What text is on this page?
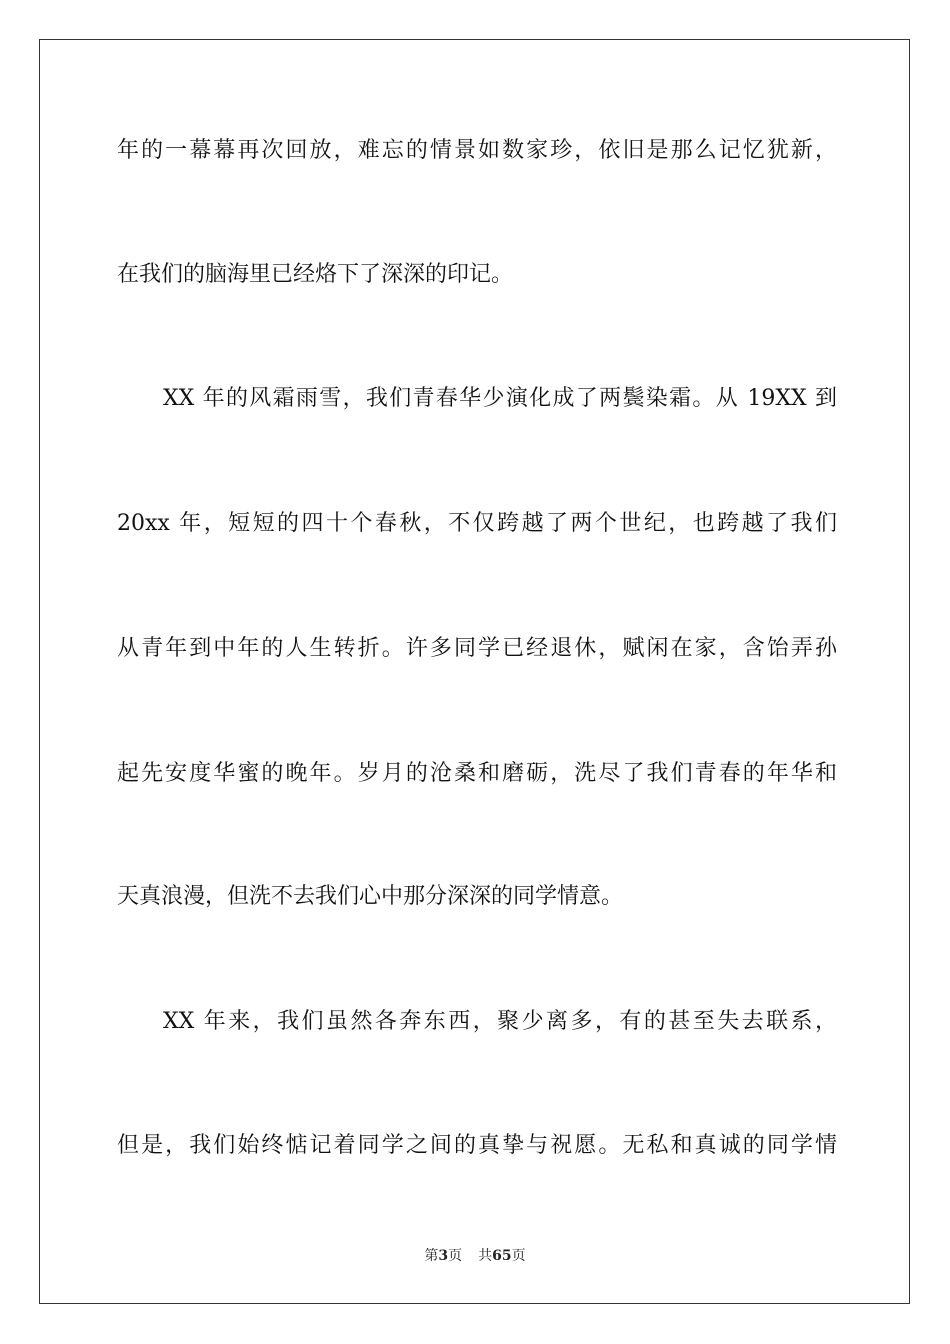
年的一幕幕再次回放，难忘的情景如数家珍，依旧是那么记忆犹新，
在我们的脑海里已经烙下了深深的印记。
XX 年的风霜雨雪，我们青春华少演化成了两鬓染霜。从 19XX 到
20xx 年，短短的四十个春秋，不仅跨越了两个世纪，也跨越了我们
从青年到中年的人生转折。许多同学已经退休，赋闲在家，含饴弄孙
起先安度华蜜的晚年。岁月的沧桑和磨砺，洗尽了我们青春的年华和
天真浪漫，但洗不去我们心中那分深深的同学情意。
XX 年来，我们虽然各奔东西，聚少离多，有的甚至失去联系，
但是，我们始终惦记着同学之间的真挚与祝愿。无私和真诚的同学情
第3页 共65页
